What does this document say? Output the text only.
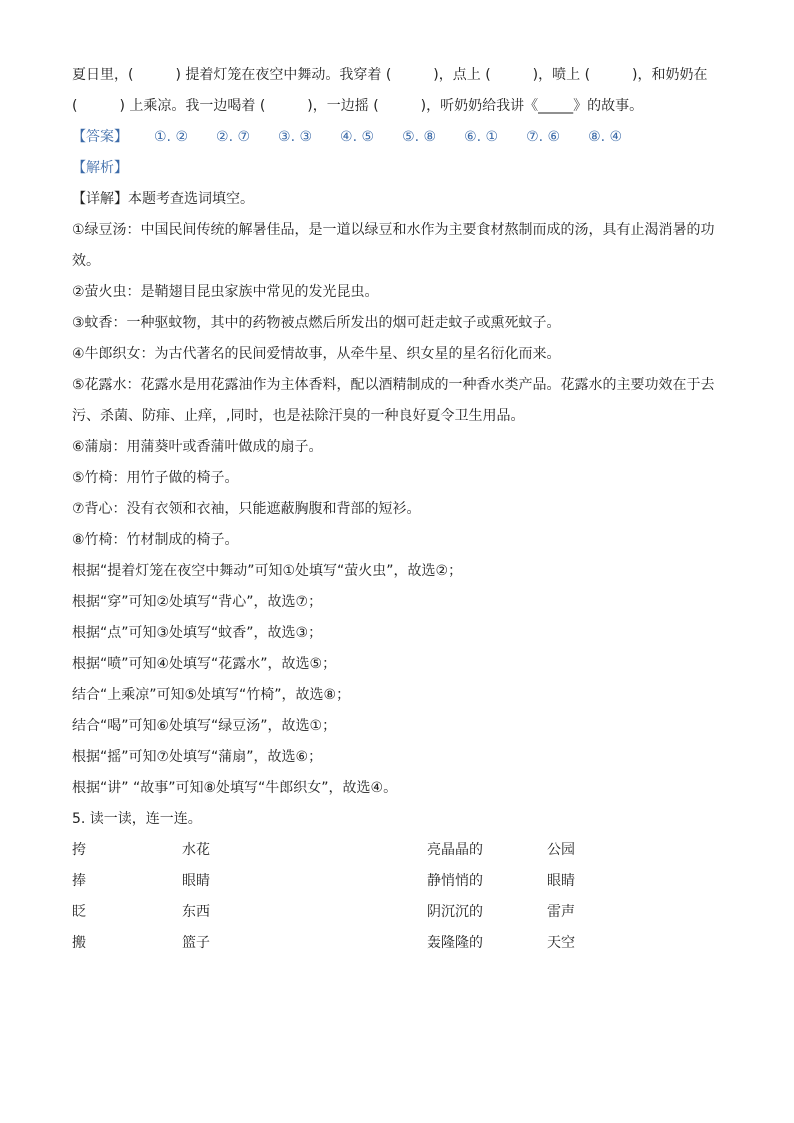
夏日里，(　　　) 提着灯笼在夜空中舞动。我穿着 (　　　)，点上 (　　　)，喷上 (　　　)，和奶奶在
(　　　) 上乘凉。我一边喝着 (　　　)，一边摇 (　　　)，听奶奶给我讲《_____》的故事。
【答案】	①. ② ②. ⑦ ③. ③ ④. ⑤ ⑤. ⑧ ⑥. ① ⑦. ⑥ ⑧. ④
【解析】
【详解】本题考查选词填空。
①绿豆汤：中国民间传统的解暑佳品，是一道以绿豆和水作为主要食材熬制而成的汤，具有止渴消暑的功效。
②萤火虫：是鞘翅目昆虫家族中常见的发光昆虫。
③蚊香：一种驱蚊物，其中的药物被点燃后所发出的烟可赶走蚊子或熏死蚊子。
④牛郎织女：为古代著名的民间爱情故事，从牵牛星、织女星的星名衍化而来。
⑤花露水：花露水是用花露油作为主体香料，配以酒精制成的一种香水类产品。花露水的主要功效在于去污、杀菌、防痱、止痒，,同时，也是祛除汗臭的一种良好夏令卫生用品。
⑥蒲扇：用蒲葵叶或香蒲叶做成的扇子。
⑤竹椅：用竹子做的椅子。
⑦背心：没有衣领和衣袖，只能遮蔽胸腹和背部的短衫。
⑧竹椅：竹材制成的椅子。
根据“提着灯笼在夜空中舞动”可知①处填写“萤火虫”，故选②；
根据“穿”可知②处填写“背心”，故选⑦；
根据“点”可知③处填写“蚊香”，故选③；
根据“喷”可知④处填写“花露水”，故选⑤；
结合“上乘凉”可知⑤处填写“竹椅”，故选⑧；
结合“喝”可知⑥处填写“绿豆汤”，故选①；
根据“摇”可知⑦处填写“蒲扇”，故选⑥；
根据“讲” “故事”可知⑧处填写“牛郎织女”，故选④。
5. 读一读，连一连。
挎	水花	亮晶晶的	公园
捧	眼睛	静悄悄的	眼睛
眨	东西	阴沉沉的	雷声
搬	篮子	轰隆隆的	天空
